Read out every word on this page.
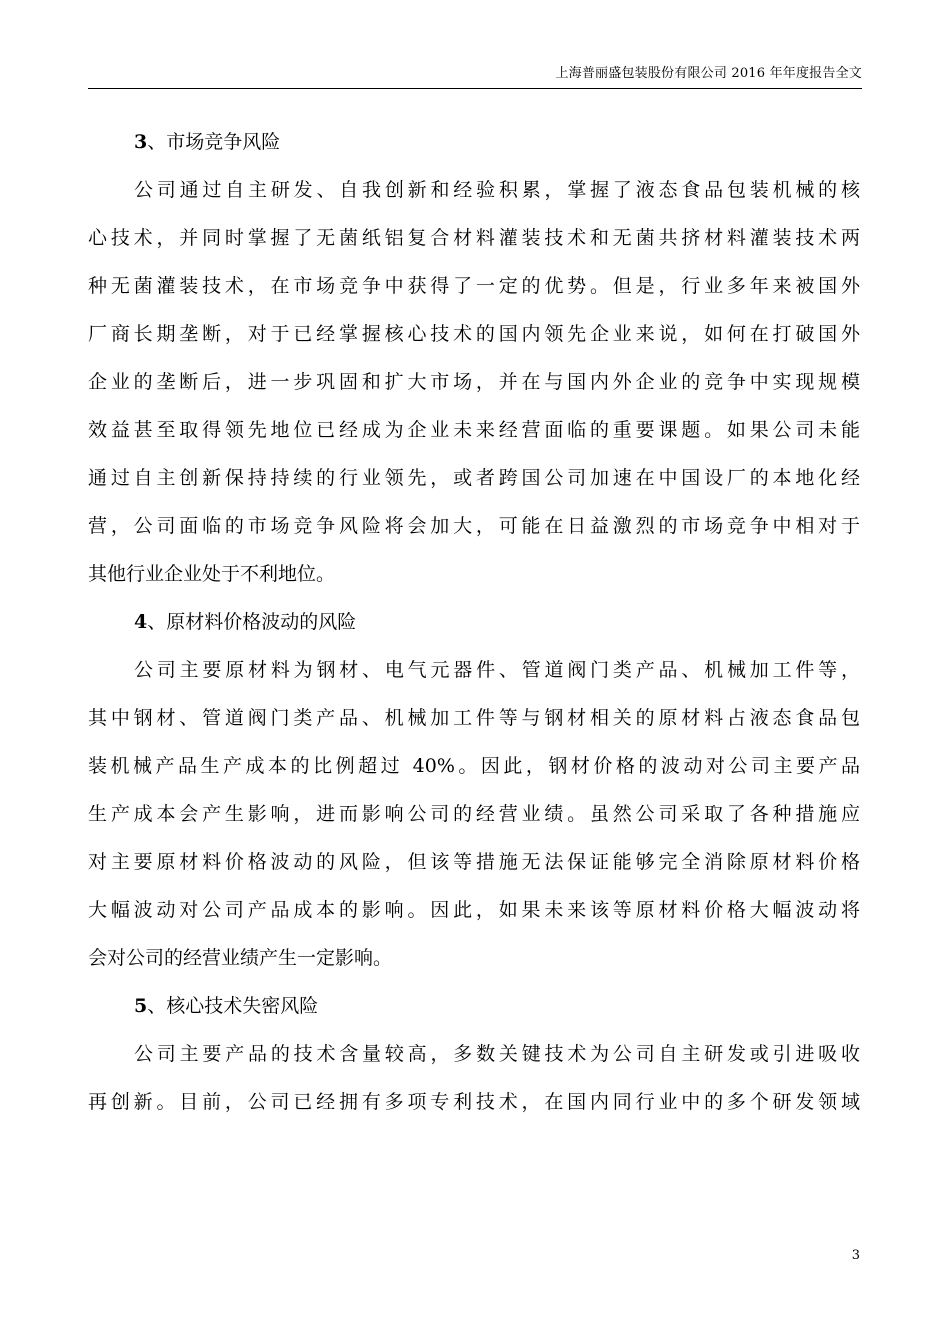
上海普丽盛包装股份有限公司 2016 年年度报告全文
3、市场竞争风险

公司通过自主研发、自我创新和经验积累，掌握了液态食品包装机械的核
心技术，并同时掌握了无菌纸铝复合材料灌装技术和无菌共挤材料灌装技术两
种无菌灌装技术，在市场竞争中获得了一定的优势。但是，行业多年来被国外
厂商长期垄断，对于已经掌握核心技术的国内领先企业来说，如何在打破国外
企业的垄断后，进一步巩固和扩大市场，并在与国内外企业的竞争中实现规模
效益甚至取得领先地位已经成为企业未来经营面临的重要课题。如果公司未能
通过自主创新保持持续的行业领先，或者跨国公司加速在中国设厂的本地化经
营，公司面临的市场竞争风险将会加大，可能在日益激烈的市场竞争中相对于
其他行业企业处于不利地位。

4、原材料价格波动的风险

公司主要原材料为钢材、电气元器件、管道阀门类产品、机械加工件等，
其中钢材、管道阀门类产品、机械加工件等与钢材相关的原材料占液态食品包
装机械产品生产成本的比例超过 40%。因此，钢材价格的波动对公司主要产品
生产成本会产生影响，进而影响公司的经营业绩。虽然公司采取了各种措施应
对主要原材料价格波动的风险，但该等措施无法保证能够完全消除原材料价格
大幅波动对公司产品成本的影响。因此，如果未来该等原材料价格大幅波动将
会对公司的经营业绩产生一定影响。

5、核心技术失密风险

公司主要产品的技术含量较高，多数关键技术为公司自主研发或引进吸收
再创新。目前，公司已经拥有多项专利技术，在国内同行业中的多个研发领域

3
